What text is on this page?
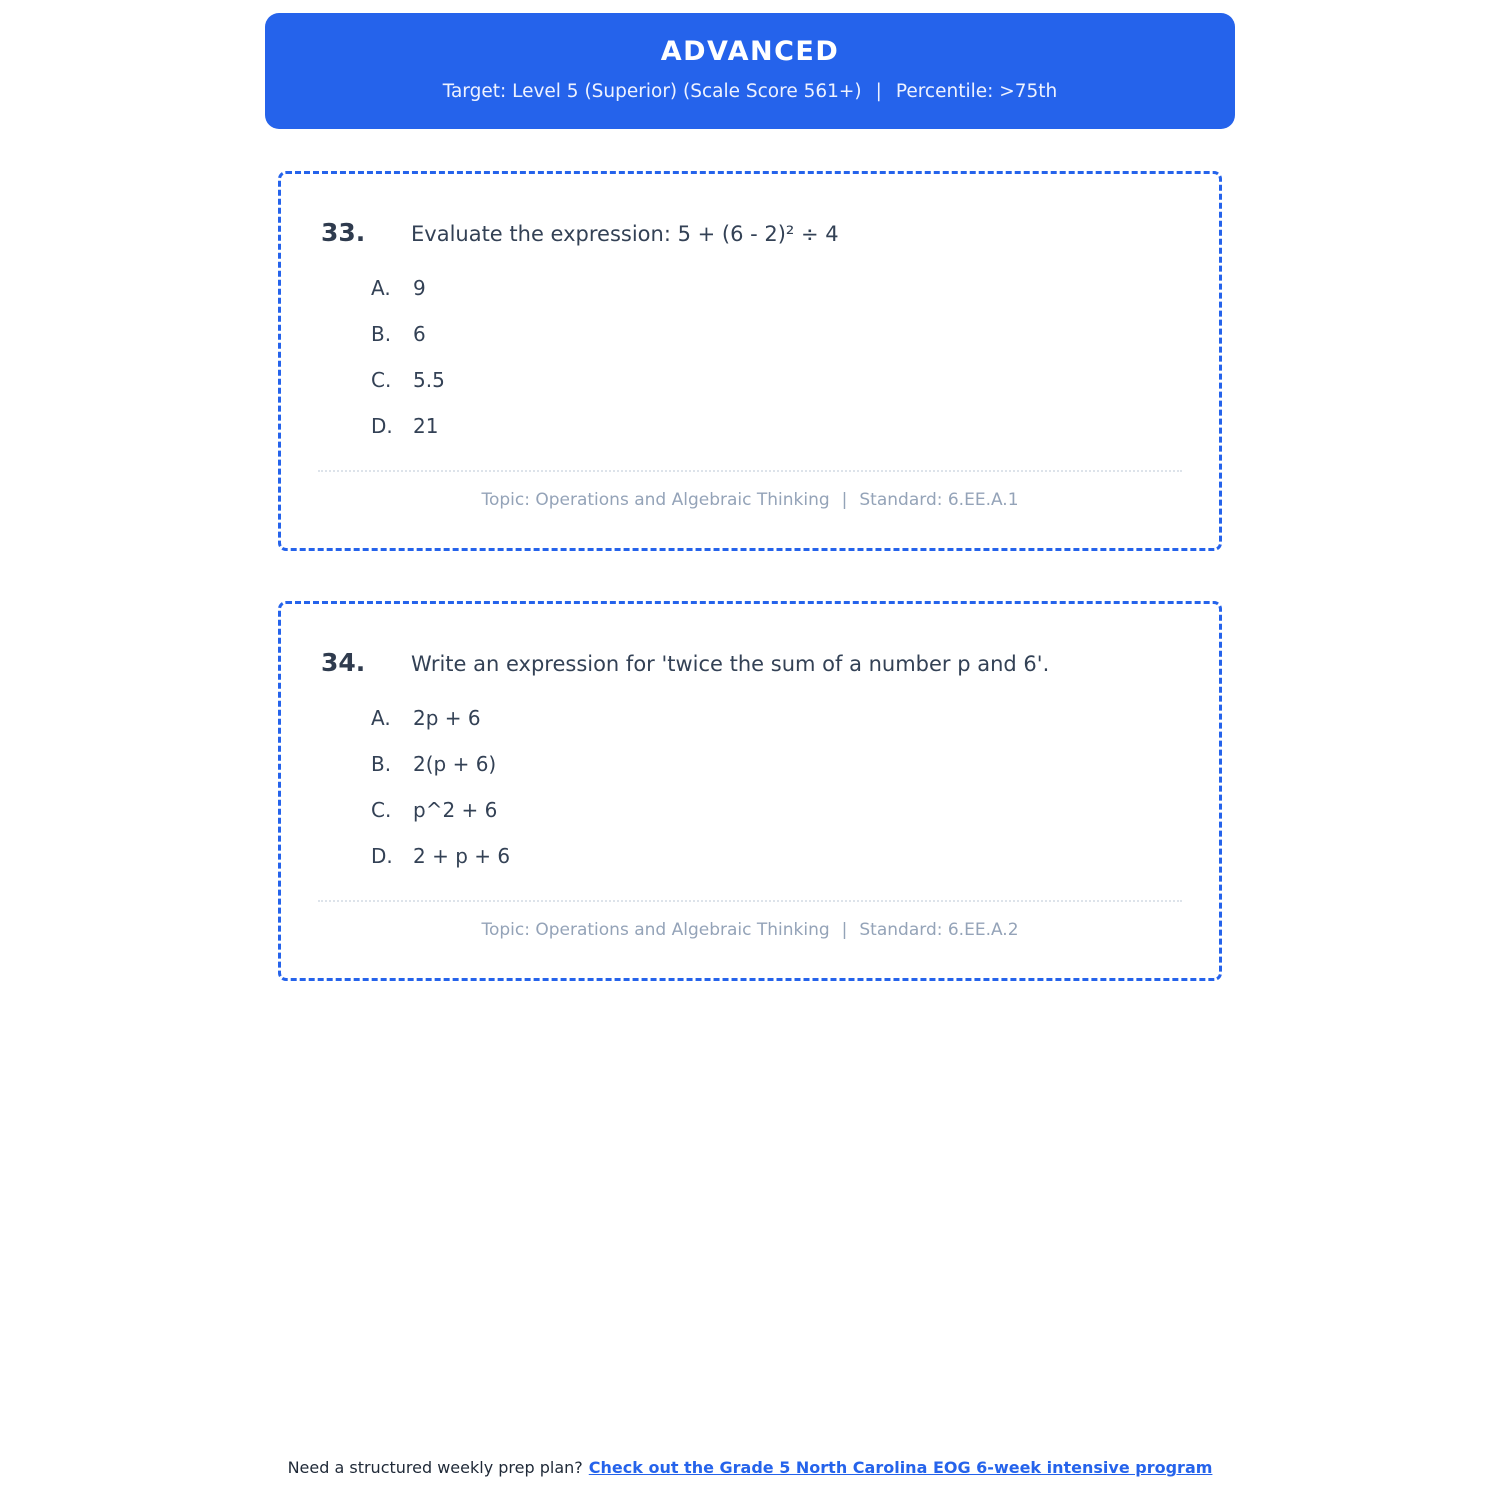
ADVANCED
Target: Level 5 (Superior) (Scale Score 561+) | Percentile: >75th
33.	Evaluate the expression: 5 + (6 - 2)² ÷ 4
A.	9
B.	6
C.	5.5
D.	21
Topic: Operations and Algebraic Thinking | Standard: 6.EE.A.1
34.	Write an expression for 'twice the sum of a number p and 6'.
A.	2p + 6
B.	2(p + 6)
C.	p^2 + 6
D.	2 + p + 6
Topic: Operations and Algebraic Thinking | Standard: 6.EE.A.2
Need a structured weekly prep plan? Check out the Grade 5 North Carolina EOG 6-week intensive program
